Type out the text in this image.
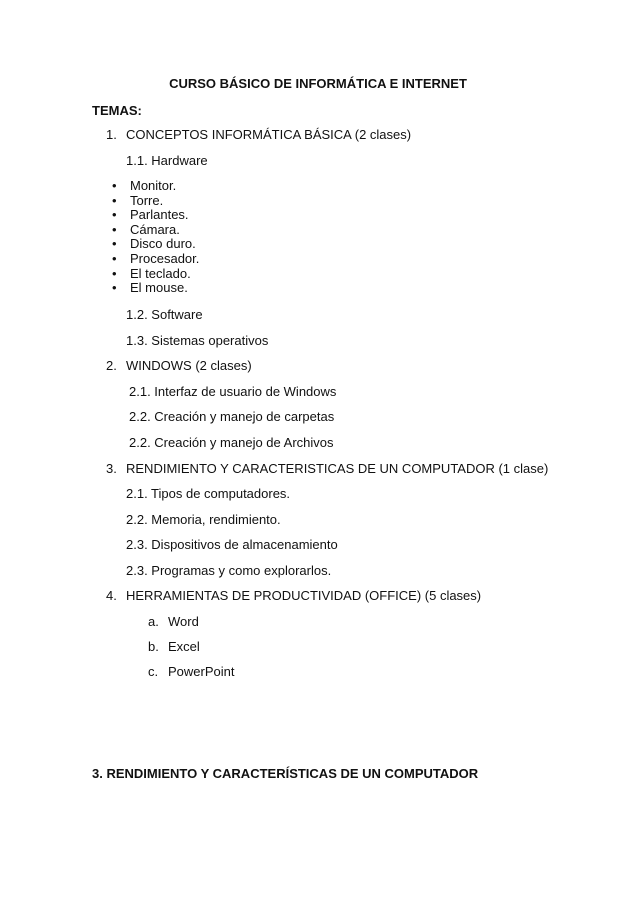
CURSO BÁSICO DE INFORMÁTICA E INTERNET
TEMAS:
1. CONCEPTOS INFORMÁTICA BÁSICA (2 clases)
1.1. Hardware
• Monitor.
• Torre.
• Parlantes.
• Cámara.
• Disco duro.
• Procesador.
• El teclado.
• El mouse.
1.2. Software
1.3. Sistemas operativos
2. WINDOWS (2 clases)
2.1. Interfaz de usuario de Windows
2.2. Creación y manejo de carpetas
2.2. Creación y manejo de Archivos
3. RENDIMIENTO Y CARACTERISTICAS DE UN COMPUTADOR (1 clase)
2.1. Tipos de computadores.
2.2. Memoria, rendimiento.
2.3. Dispositivos de almacenamiento
2.3. Programas y como explorarlos.
4. HERRAMIENTAS DE PRODUCTIVIDAD (OFFICE) (5 clases)
a. Word
b. Excel
c. PowerPoint
3. RENDIMIENTO Y CARACTERÍSTICAS DE UN COMPUTADOR
